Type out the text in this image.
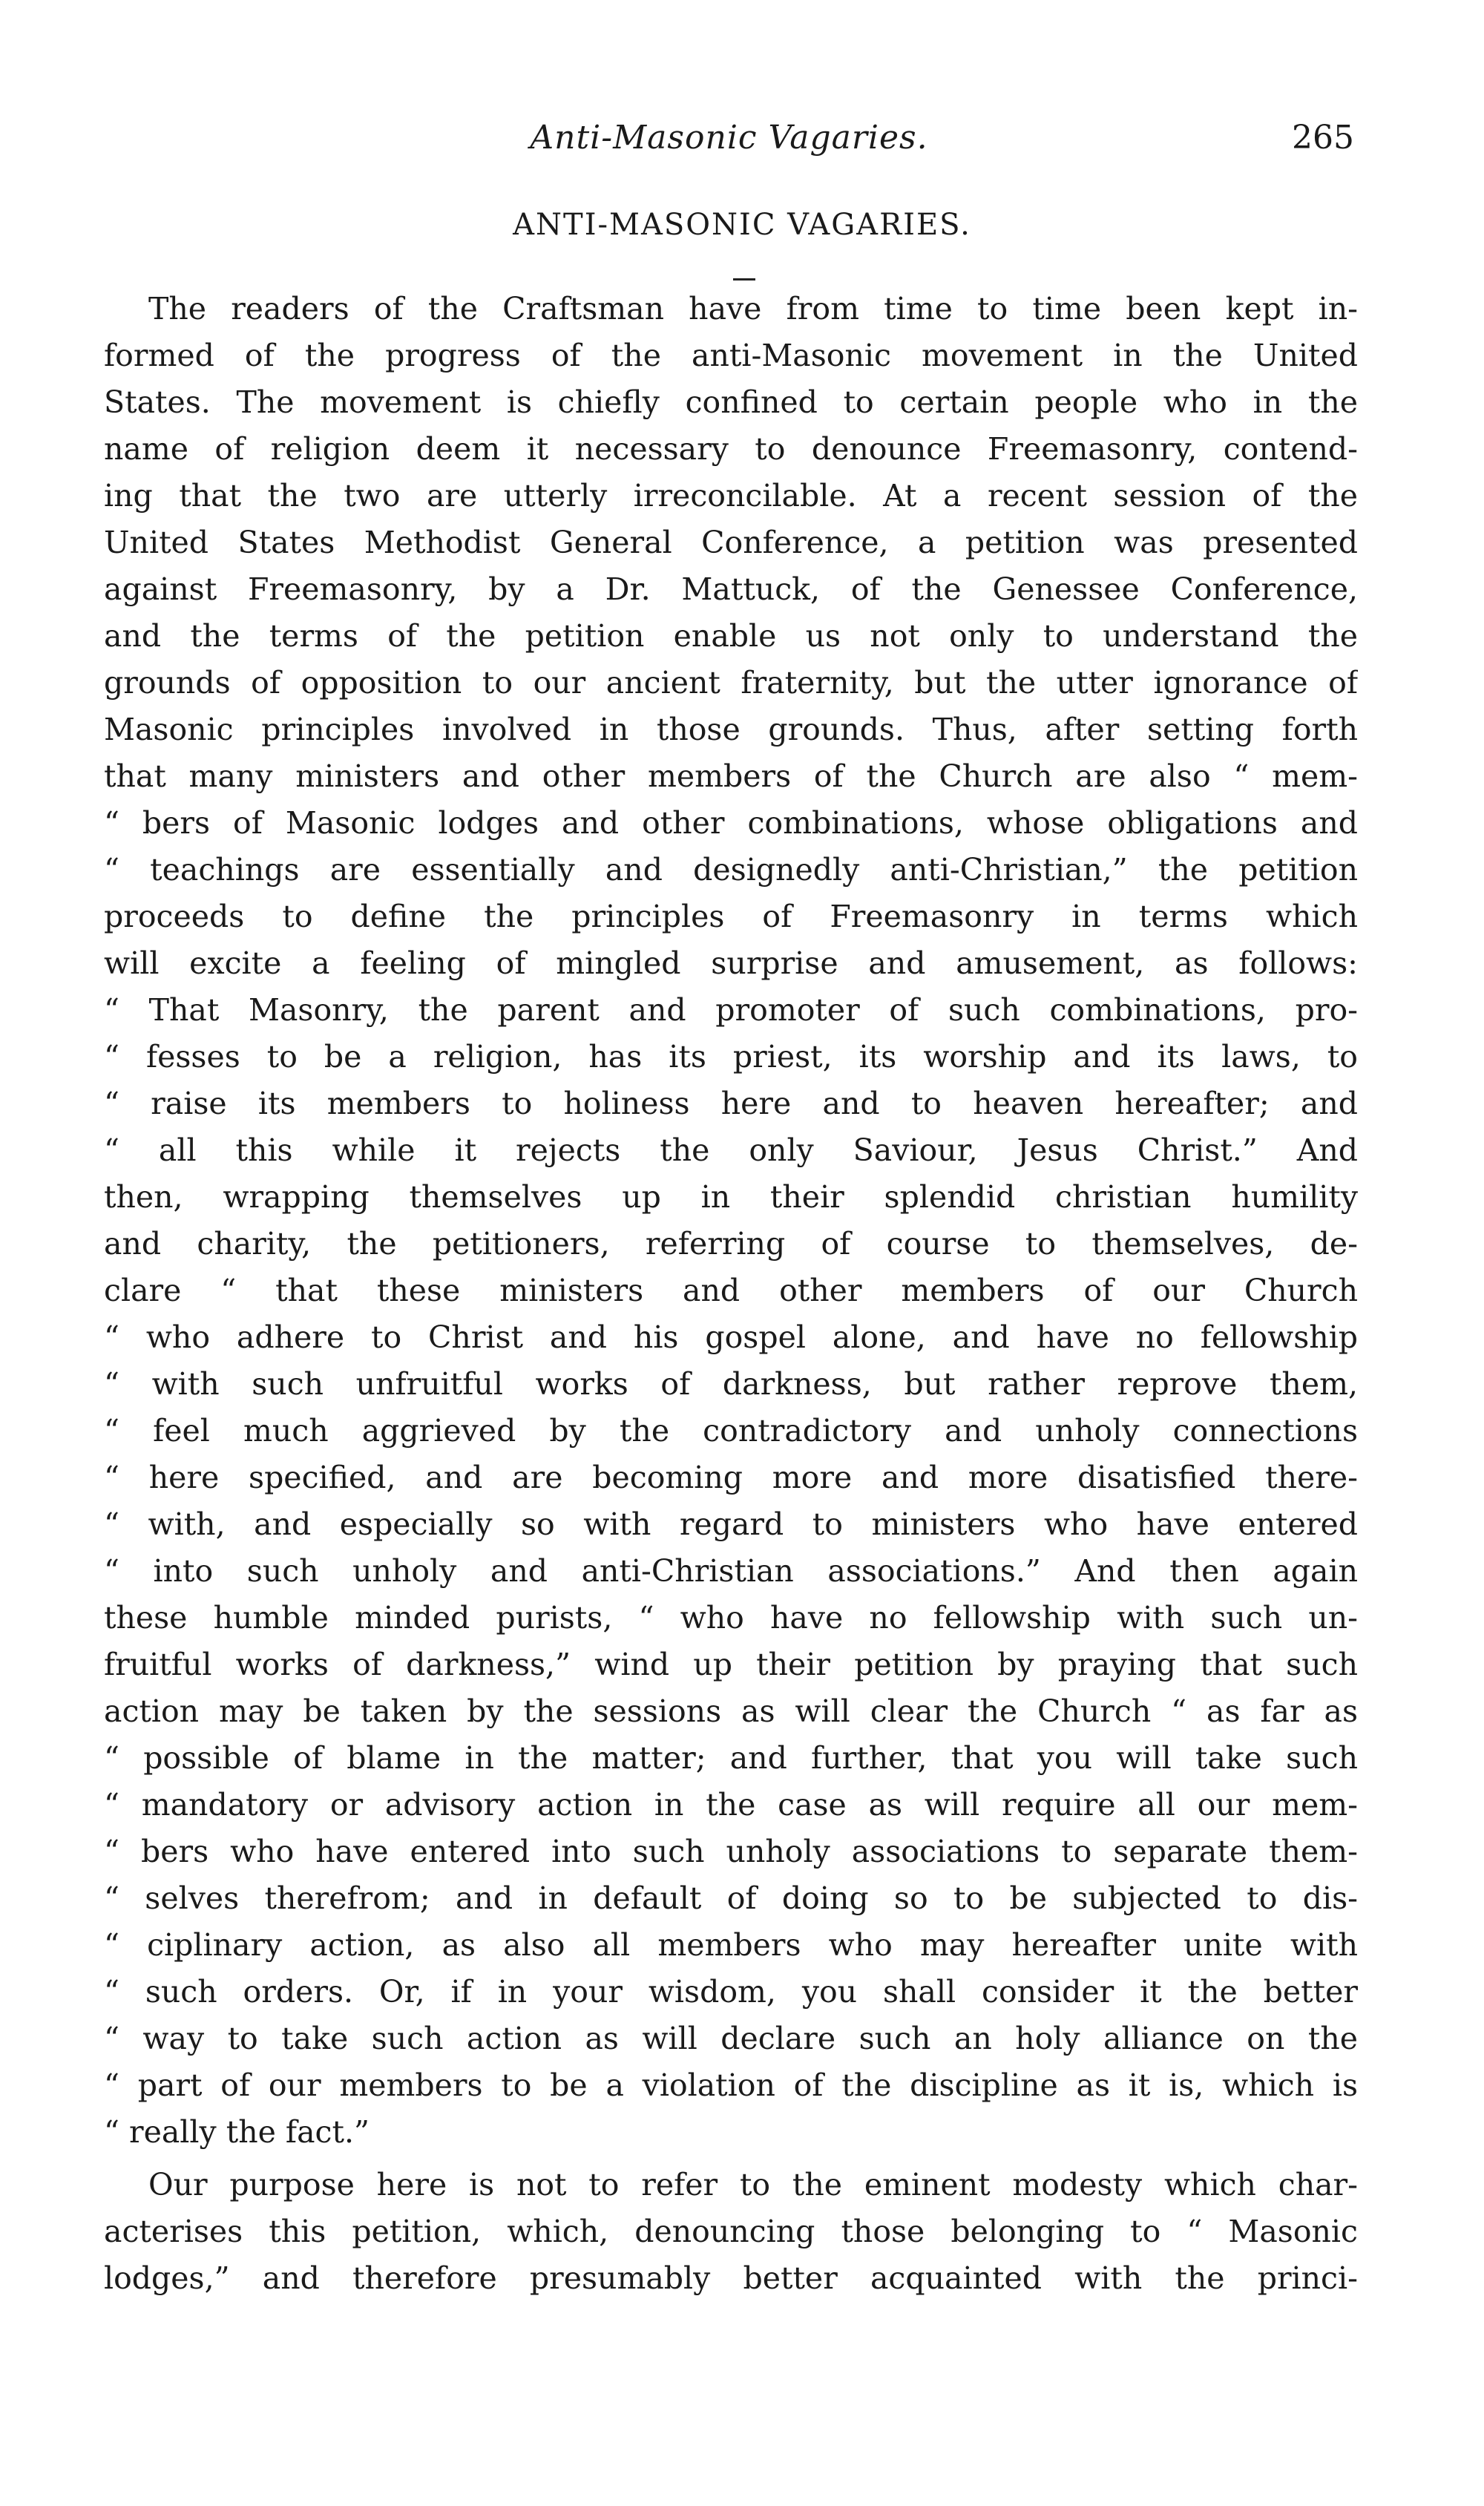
Anti-Masonic Vagaries.	265
ANTI-MASONIC VAGARIES.
The readers of the Craftsman have from time to time been kept in-
formed of the progress of the anti-Masonic movement in the United
States. The movement is chiefly confined to certain people who in the
name of religion deem it necessary to denounce Freemasonry, contend-
ing that the two are utterly irreconcilable. At a recent session of the
United States Methodist General Conference, a petition was presented
against Freemasonry, by a Dr. Mattuck, of the Genessee Conference,
and the terms of the petition enable us not only to understand the
grounds of opposition to our ancient fraternity, but the utter ignorance of
Masonic principles involved in those grounds. Thus, after setting forth
that many ministers and other members of the Church are also “ mem-
“ bers of Masonic lodges and other combinations, whose obligations and
“ teachings are essentially and designedly anti-Christian,” the petition
proceeds to define the principles of Freemasonry in terms which
will excite a feeling of mingled surprise and amusement, as follows:
“ That Masonry, the parent and promoter of such combinations, pro-
“ fesses to be a religion, has its priest, its worship and its laws, to
“ raise its members to holiness here and to heaven hereafter; and
“ all this while it rejects the only Saviour, Jesus Christ.” And
then, wrapping themselves up in their splendid christian humility
and charity, the petitioners, referring of course to themselves, de-
clare “ that these ministers and other members of our Church
“ who adhere to Christ and his gospel alone, and have no fellowship
“ with such unfruitful works of darkness, but rather reprove them,
“ feel much aggrieved by the contradictory and unholy connections
“ here specified, and are becoming more and more disatisfied there-
“ with, and especially so with regard to ministers who have entered
“ into such unholy and anti-Christian associations.” And then again
these humble minded purists, “ who have no fellowship with such un-
fruitful works of darkness,” wind up their petition by praying that such
action may be taken by the sessions as will clear the Church “ as far as
“ possible of blame in the matter; and further, that you will take such
“ mandatory or advisory action in the case as will require all our mem-
“ bers who have entered into such unholy associations to separate them-
“ selves therefrom; and in default of doing so to be subjected to dis-
“ ciplinary action, as also all members who may hereafter unite with
“ such orders. Or, if in your wisdom, you shall consider it the better
“ way to take such action as will declare such an holy alliance on the
“ part of our members to be a violation of the discipline as it is, which is
“ really the fact.”
Our purpose here is not to refer to the eminent modesty which char-
acterises this petition, which, denouncing those belonging to “ Masonic
lodges,” and therefore presumably better acquainted with the princi-
